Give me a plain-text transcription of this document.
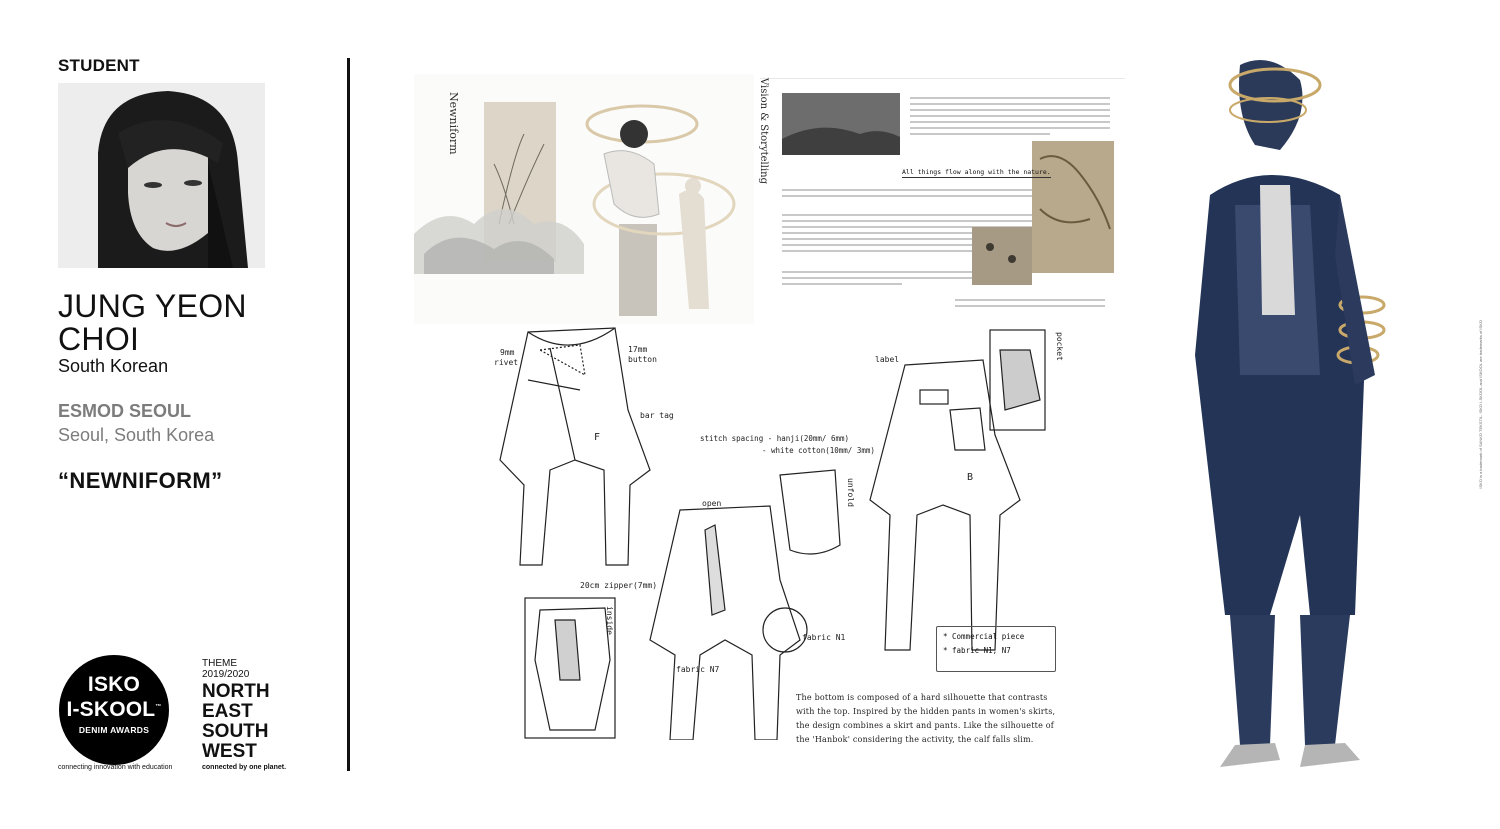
STUDENT
JUNG YEON
CHOI
South Korean
ESMOD SEOUL
Seoul, South Korea
“NEWNIFORM”
ISKO
I-SKOOL™
DENIM AWARDS
connecting innovation with education
THEME
2019/2020
NORTH
EAST
SOUTH
WEST
connected by one planet.
Newniform	Vision & Storytelling	All things flow along with the nature.
9mm
rivet
17mm
button
bar tag
F
B
label
open
20cm zipper(7mm)
fabric N1
fabric N7
pocket
unfold
inside
stitch spacing - hanji(20mm/ 6mm)
- white cotton(10mm/ 3mm)
* Commercial piece
* fabric N1, N7
The bottom is composed of a hard silhouette that contrasts with the top. Inspired by the hidden pants in women's skirts, the design combines a skirt and pants. Like the silhouette of the 'Hanbok' considering the activity, the calf falls slim.
ISKO is a trademark of SANKO TEKSTIL. ISKO I-SKOOL and ISKOOL are trademarks of ISKO
